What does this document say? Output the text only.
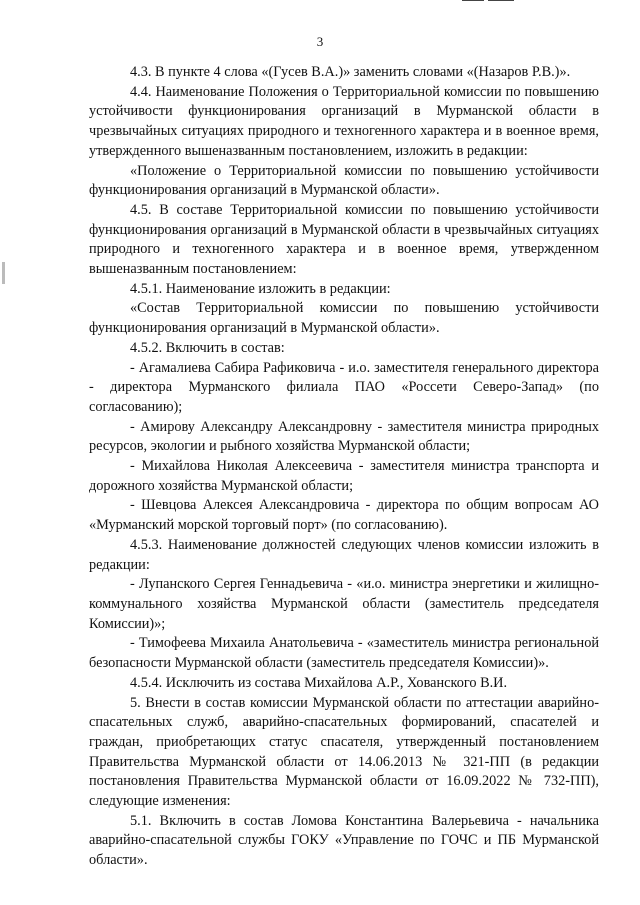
3

4.3. В пункте 4 слова «(Гусев В.А.)» заменить словами «(Назаров Р.В.)».

4.4. Наименование Положения о Территориальной комиссии по повышению устойчивости функционирования организаций в Мурманской области в чрезвычайных ситуациях природного и техногенного характера и в военное время, утвержденного вышеназванным постановлением, изложить в редакции:

«Положение о Территориальной комиссии по повышению устойчивости функционирования организаций в Мурманской области».

4.5. В составе Территориальной комиссии по повышению устойчивости функционирования организаций в Мурманской области в чрезвычайных ситуациях природного и техногенного характера и в военное время, утвержденном вышеназванным постановлением:

4.5.1. Наименование изложить в редакции:

«Состав Территориальной комиссии по повышению устойчивости функционирования организаций в Мурманской области».

4.5.2. Включить в состав:

- Агамалиева Сабира Рафиковича - и.о. заместителя генерального директора - директора Мурманского филиала ПАО «Россети Северо-Запад» (по согласованию);

- Амирову Александру Александровну - заместителя министра природных ресурсов, экологии и рыбного хозяйства Мурманской области;

- Михайлова Николая Алексеевича - заместителя министра транспорта и дорожного хозяйства Мурманской области;

- Шевцова Алексея Александровича - директора по общим вопросам АО «Мурманский морской торговый порт» (по согласованию).

4.5.3. Наименование должностей следующих членов комиссии изложить в редакции:

- Лупанского Сергея Геннадьевича - «и.о. министра энергетики и жилищно-коммунального хозяйства Мурманской области (заместитель председателя Комиссии)»;

- Тимофеева Михаила Анатольевича - «заместитель министра региональной безопасности Мурманской области (заместитель председателя Комиссии)».

4.5.4. Исключить из состава Михайлова А.Р., Хованского В.И.

5. Внести в состав комиссии Мурманской области по аттестации аварийно-спасательных служб, аварийно-спасательных формирований, спасателей и граждан, приобретающих статус спасателя, утвержденный постановлением Правительства Мурманской области от 14.06.2013 № 321-ПП (в редакции постановления Правительства Мурманской области от 16.09.2022 № 732-ПП), следующие изменения:

5.1. Включить в состав Ломова Константина Валерьевича - начальника аварийно-спасательной службы ГОКУ «Управление по ГОЧС и ПБ Мурманской области».
